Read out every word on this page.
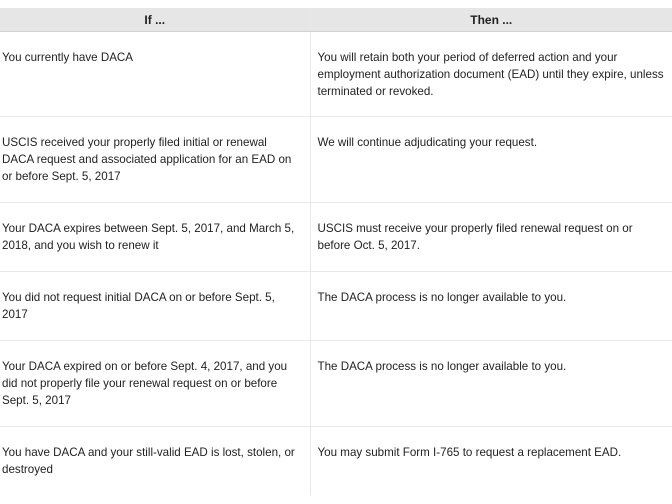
If ...	Then ...
You currently have DACA	You will retain both your period of deferred action and your employment authorization document (EAD) until they expire, unless terminated or revoked.
USCIS received your properly filed initial or renewal DACA request and associated application for an EAD on or before Sept. 5, 2017	We will continue adjudicating your request.
Your DACA expires between Sept. 5, 2017, and March 5, 2018, and you wish to renew it	USCIS must receive your properly filed renewal request on or before Oct. 5, 2017.
You did not request initial DACA on or before Sept. 5, 2017	The DACA process is no longer available to you.
Your DACA expired on or before Sept. 4, 2017, and you did not properly file your renewal request on or before Sept. 5, 2017	The DACA process is no longer available to you.
You have DACA and your still-valid EAD is lost, stolen, or destroyed	You may submit Form I-765 to request a replacement EAD.
